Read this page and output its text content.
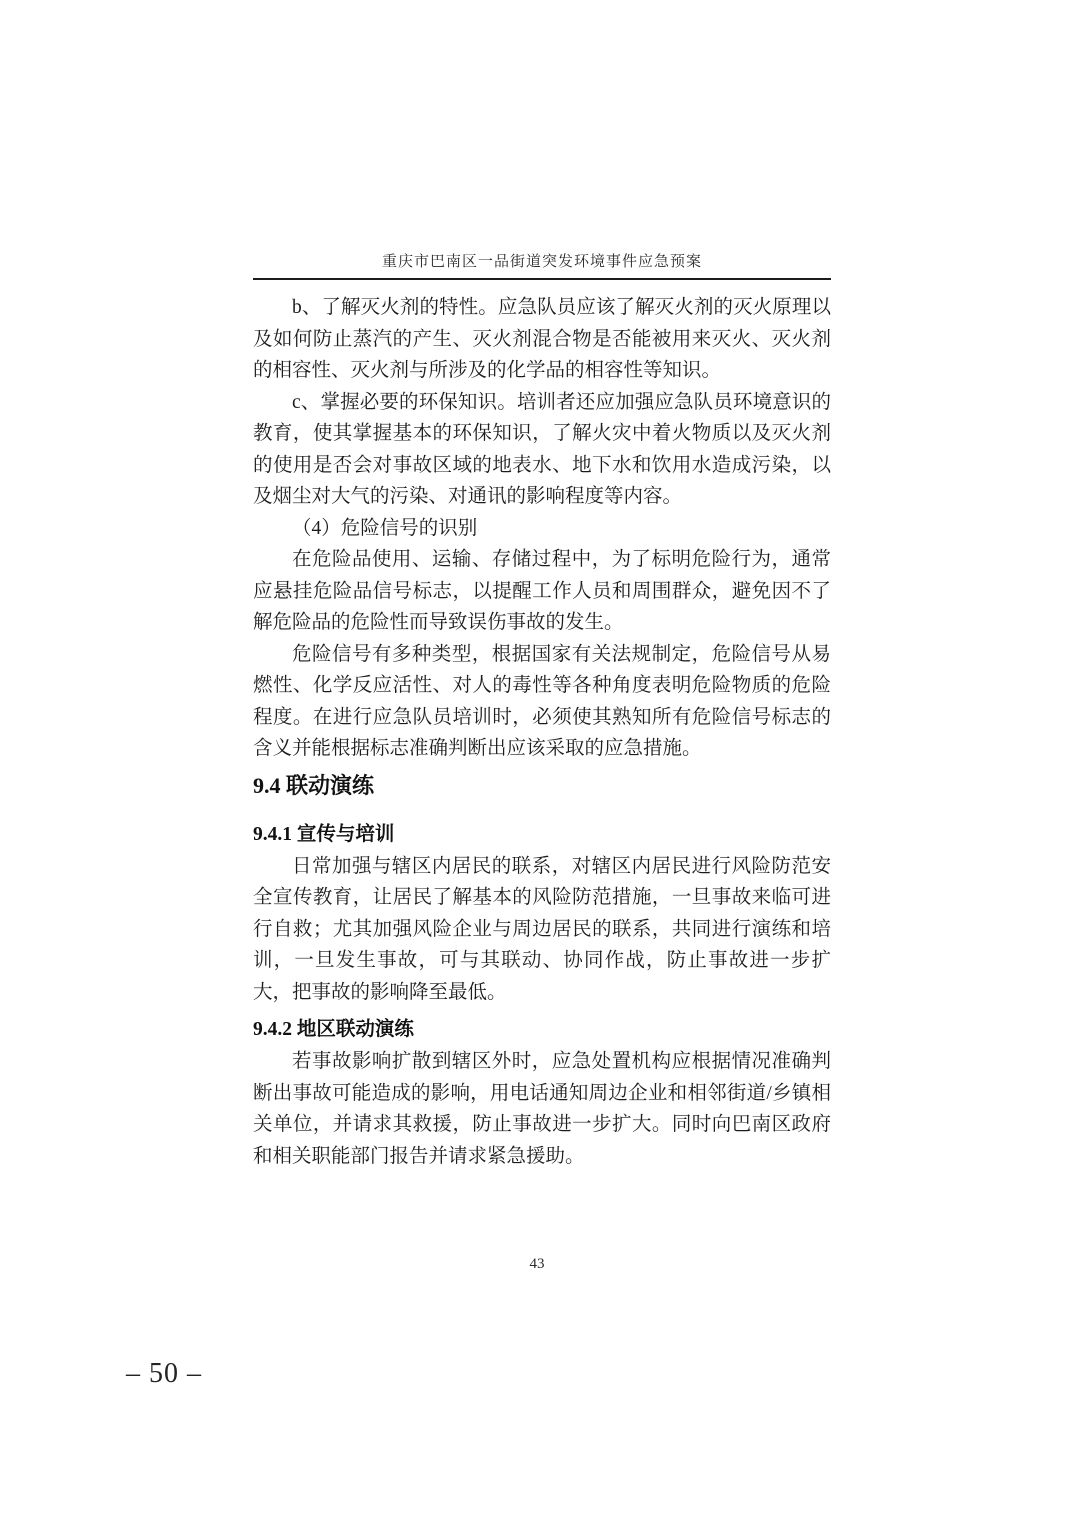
重庆市巴南区一品街道突发环境事件应急预案

b、了解灭火剂的特性。应急队员应该了解灭火剂的灭火原理以及如何防止蒸汽的产生、灭火剂混合物是否能被用来灭火、灭火剂的相容性、灭火剂与所涉及的化学品的相容性等知识。

c、掌握必要的环保知识。培训者还应加强应急队员环境意识的教育，使其掌握基本的环保知识，了解火灾中着火物质以及灭火剂的使用是否会对事故区域的地表水、地下水和饮用水造成污染，以及烟尘对大气的污染、对通讯的影响程度等内容。

（4）危险信号的识别

在危险品使用、运输、存储过程中，为了标明危险行为，通常应悬挂危险品信号标志，以提醒工作人员和周围群众，避免因不了解危险品的危险性而导致误伤事故的发生。

危险信号有多种类型，根据国家有关法规制定，危险信号从易燃性、化学反应活性、对人的毒性等各种角度表明危险物质的危险程度。在进行应急队员培训时，必须使其熟知所有危险信号标志的含义并能根据标志准确判断出应该采取的应急措施。

9.4 联动演练
9.4.1 宣传与培训

日常加强与辖区内居民的联系，对辖区内居民进行风险防范安全宣传教育，让居民了解基本的风险防范措施，一旦事故来临可进行自救；尤其加强风险企业与周边居民的联系，共同进行演练和培训，一旦发生事故，可与其联动、协同作战，防止事故进一步扩大，把事故的影响降至最低。

9.4.2 地区联动演练

若事故影响扩散到辖区外时，应急处置机构应根据情况准确判断出事故可能造成的影响，用电话通知周边企业和相邻街道/乡镇相关单位，并请求其救援，防止事故进一步扩大。同时向巴南区政府和相关职能部门报告并请求紧急援助。

43
– 50 –
